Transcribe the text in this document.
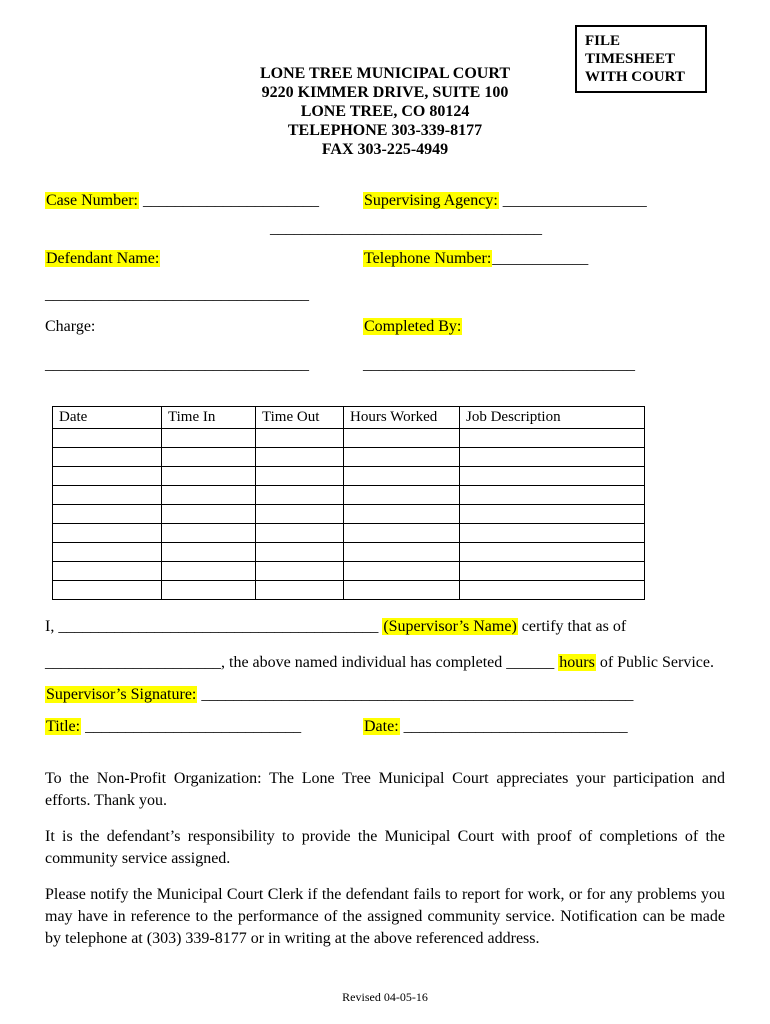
FILE
TIMESHEET
WITH COURT
LONE TREE MUNICIPAL COURT
9220 KIMMER DRIVE, SUITE 100
LONE TREE, CO 80124
TELEPHONE 303-339-8177
FAX 303-225-4949
Case Number: ______________________	Supervising Agency: __________________
__________________________________
Defendant Name:	Telephone Number:____________
_________________________________
Charge:	Completed By:
_________________________________	__________________________________
Date	Time In	Time Out	Hours Worked	Job Description

I, ________________________________________ (Supervisor’s Name) certify that as of
______________________, the above named individual has completed ______ hours of Public Service.
Supervisor’s Signature: ______________________________________________________
Title: ___________________________	Date: ____________________________

To the Non-Profit Organization: The Lone Tree Municipal Court appreciates your participation and efforts. Thank you.

It is the defendant’s responsibility to provide the Municipal Court with proof of completions of the community service assigned.

Please notify the Municipal Court Clerk if the defendant fails to report for work, or for any problems you may have in reference to the performance of the assigned community service. Notification can be made by telephone at (303) 339-8177 or in writing at the above referenced address.

Revised 04-05-16
